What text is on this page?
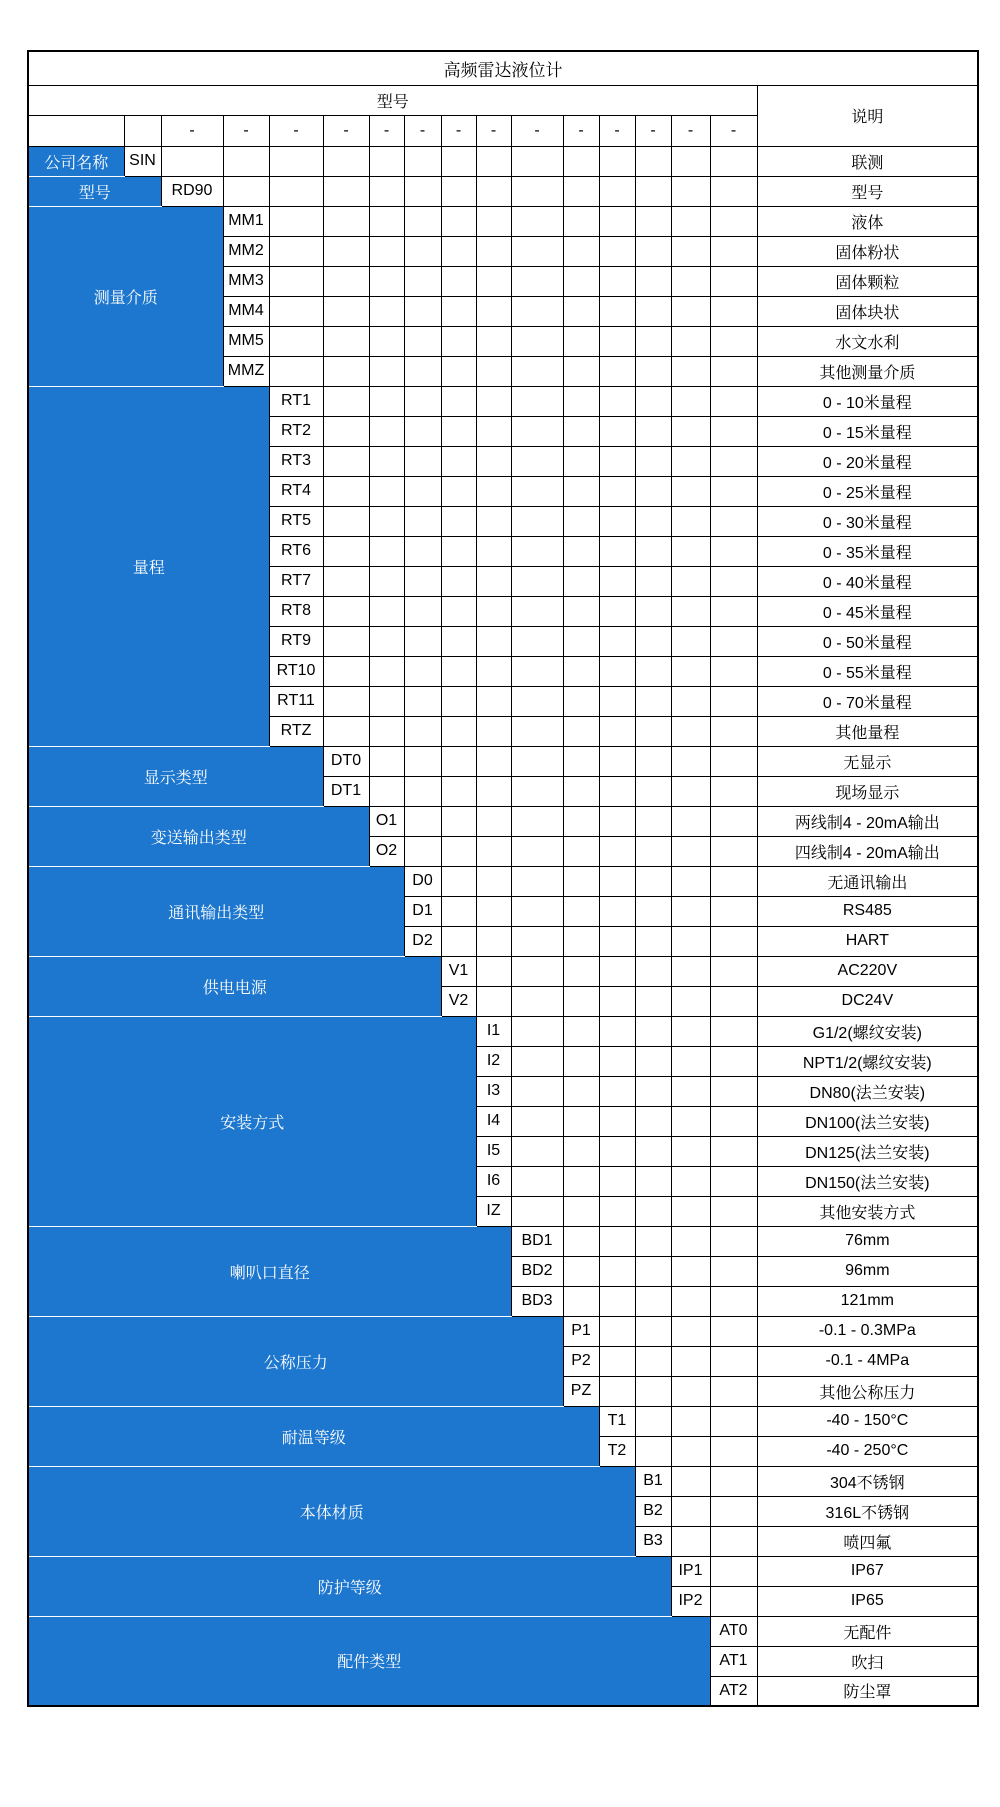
高频雷达液位计																
型号																说明
		-	-	-	-	-	-	-	-	-	-	-	-	-	-	
公司名称	SIN															联测
型号		RD90														型号
测量介质			MM1													液体
			MM2													固体粉状
			MM3													固体颗粒
			MM4													固体块状
			MM5													水文水利
			MMZ													其他测量介质
量程				RT1												0 - 10米量程
				RT2												0 - 15米量程
				RT3												0 - 20米量程
				RT4												0 - 25米量程
				RT5												0 - 30米量程
				RT6												0 - 35米量程
				RT7												0 - 40米量程
				RT8												0 - 45米量程
				RT9												0 - 50米量程
				RT10												0 - 55米量程
				RT11												0 - 70米量程
				RTZ												其他量程
显示类型					DT0											无显示
					DT1											现场显示
变送输出类型						O1										两线制4 - 20mA输出
						O2										四线制4 - 20mA输出
通讯输出类型							D0									无通讯输出
							D1									RS485
							D2									HART
供电电源								V1								AC220V
								V2								DC24V
安装方式									I1							G1/2(螺纹安装)
									I2							NPT1/2(螺纹安装)
									I3							DN80(法兰安装)
									I4							DN100(法兰安装)
									I5							DN125(法兰安装)
									I6							DN150(法兰安装)
									IZ							其他安装方式
喇叭口直径										BD1						76mm
										BD2						96mm
										BD3						121mm
公称压力											P1					-0.1 - 0.3MPa
											P2					-0.1 - 4MPa
											PZ					其他公称压力
耐温等级												T1				-40 - 150°C
												T2				-40 - 250°C
本体材质													B1			304不锈钢
													B2			316L不锈钢
													B3			喷四氟
防护等级														IP1		IP67
														IP2		IP65
配件类型															AT0	无配件
															AT1	吹扫
															AT2	防尘罩
